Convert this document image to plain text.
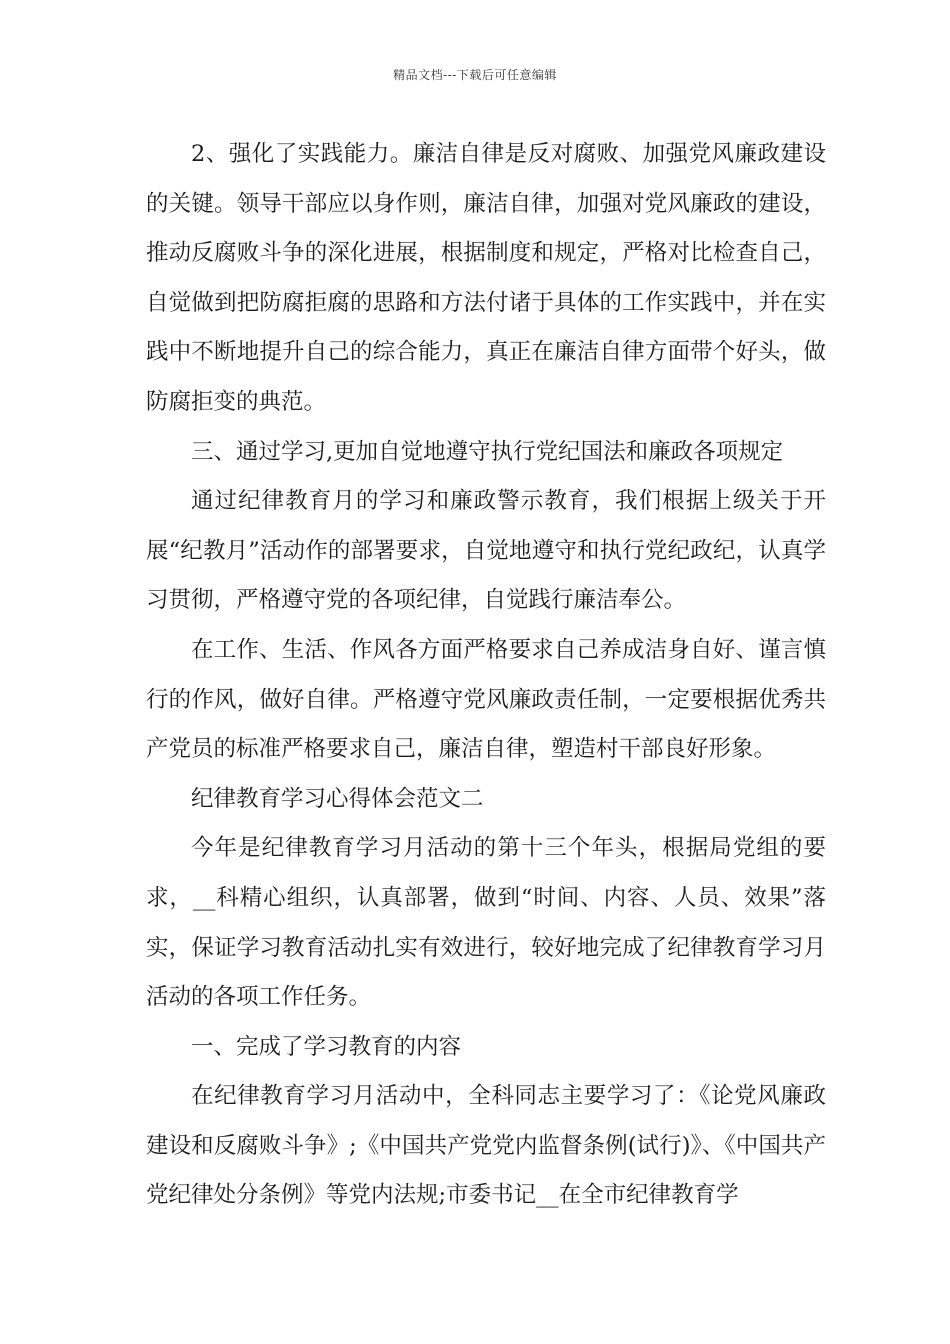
精品文档---下载后可任意编辑

2、强化了实践能力。廉洁自律是反对腐败、加强党风廉政建设的关键。领导干部应以身作则，廉洁自律，加强对党风廉政的建设，推动反腐败斗争的深化进展，根据制度和规定，严格对比检查自己，自觉做到把防腐拒腐的思路和方法付诸于具体的工作实践中，并在实践中不断地提升自己的综合能力，真正在廉洁自律方面带个好头，做防腐拒变的典范。

三、通过学习,更加自觉地遵守执行党纪国法和廉政各项规定

通过纪律教育月的学习和廉政警示教育，我们根据上级关于开展“纪教月”活动作的部署要求，自觉地遵守和执行党纪政纪，认真学习贯彻，严格遵守党的各项纪律，自觉践行廉洁奉公。

在工作、生活、作风各方面严格要求自己养成洁身自好、谨言慎行的作风，做好自律。严格遵守党风廉政责任制，一定要根据优秀共产党员的标准严格要求自己，廉洁自律，塑造村干部良好形象。

纪律教育学习心得体会范文二

今年是纪律教育学习月活动的第十三个年头，根据局党组的要求，__科精心组织，认真部署，做到“时间、内容、人员、效果”落实，保证学习教育活动扎实有效进行，较好地完成了纪律教育学习月活动的各项工作任务。

一、完成了学习教育的内容

在纪律教育学习月活动中，全科同志主要学习了：《论党风廉政建设和反腐败斗争》;《中国共产党党内监督条例(试行)》、《中国共产党纪律处分条例》等党内法规;市委书记__在全市纪律教育学
